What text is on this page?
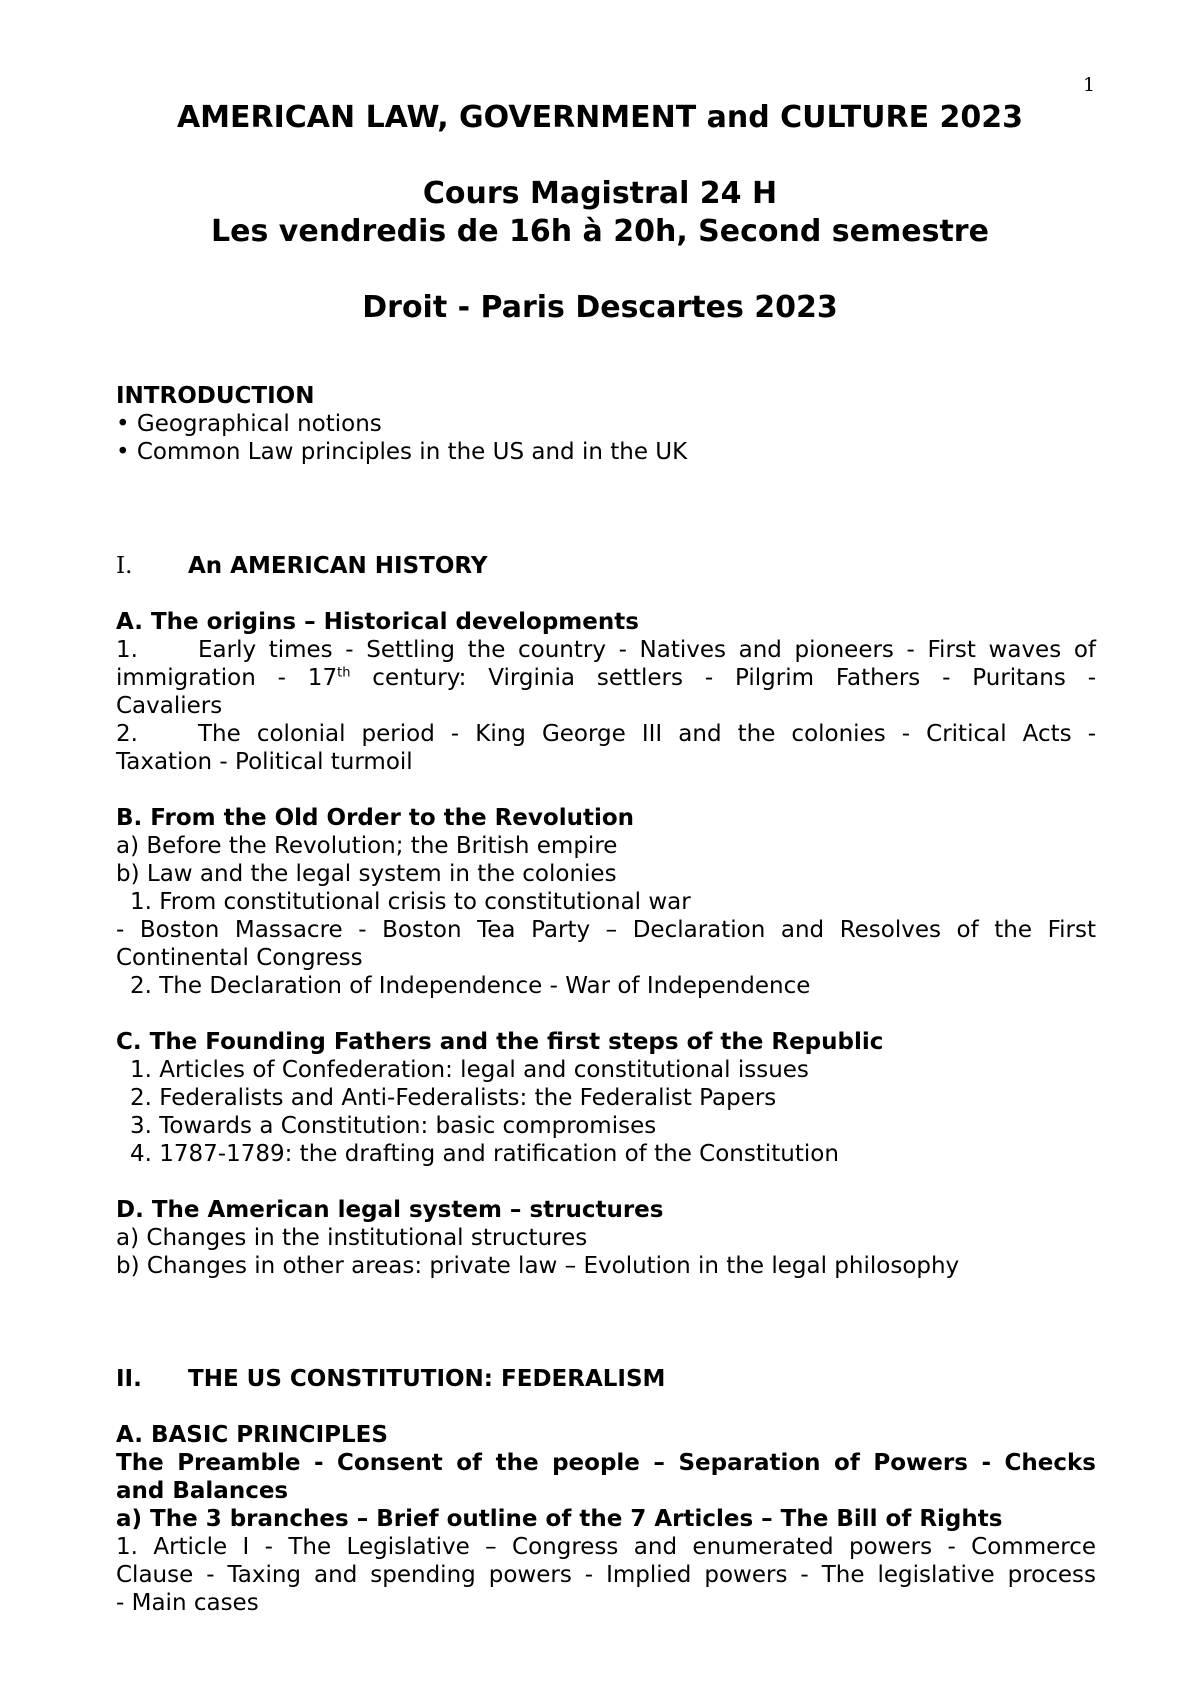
1
AMERICAN LAW, GOVERNMENT and CULTURE 2023
Cours Magistral 24 H
Les vendredis de 16h à 20h, Second semestre
Droit - Paris Descartes 2023
INTRODUCTION
• Geographical notions
• Common Law principles in the US and in the UK
I. An AMERICAN HISTORY
A. The origins – Historical developments
1.	Early times - Settling the country - Natives and pioneers - First waves of
immigration - 17th century: Virginia settlers - Pilgrim Fathers - Puritans -
Cavaliers
2.	The colonial period - King George III and the colonies - Critical Acts -
Taxation - Political turmoil
B. From the Old Order to the Revolution
a) Before the Revolution; the British empire
b) Law and the legal system in the colonies
1. From constitutional crisis to constitutional war
- Boston Massacre - Boston Tea Party – Declaration and Resolves of the First
Continental Congress
2. The Declaration of Independence - War of Independence
C. The Founding Fathers and the first steps of the Republic
1. Articles of Confederation: legal and constitutional issues
2. Federalists and Anti-Federalists: the Federalist Papers
3. Towards a Constitution: basic compromises
4. 1787-1789: the drafting and ratification of the Constitution
D. The American legal system – structures
a) Changes in the institutional structures
b) Changes in other areas: private law – Evolution in the legal philosophy
II. THE US CONSTITUTION: FEDERALISM
A. BASIC PRINCIPLES
The Preamble - Consent of the people – Separation of Powers - Checks
and Balances
a) The 3 branches – Brief outline of the 7 Articles – The Bill of Rights
1. Article I - The Legislative – Congress and enumerated powers - Commerce
Clause - Taxing and spending powers - Implied powers - The legislative process
- Main cases
